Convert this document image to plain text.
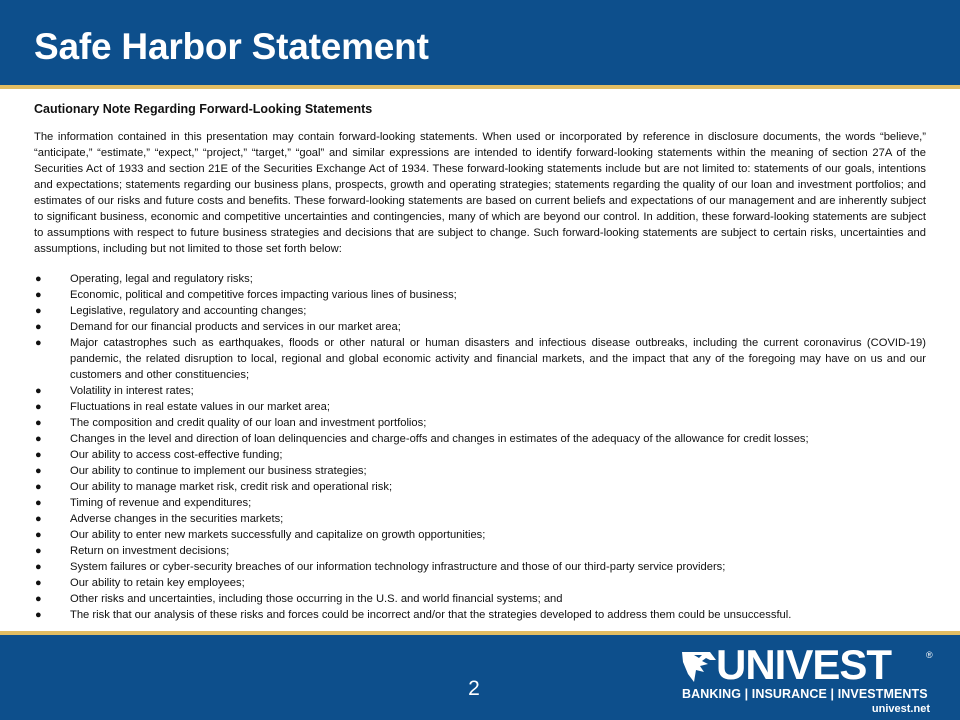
Safe Harbor Statement
Cautionary Note Regarding Forward-Looking Statements

The information contained in this presentation may contain forward-looking statements. When used or incorporated by reference in disclosure documents, the words “believe,” “anticipate,” “estimate,” “expect,” “project,” “target,” “goal” and similar expressions are intended to identify forward-looking statements within the meaning of section 27A of the Securities Act of 1933 and section 21E of the Securities Exchange Act of 1934. These forward-looking statements include but are not limited to: statements of our goals, intentions and expectations; statements regarding our business plans, prospects, growth and operating strategies; statements regarding the quality of our loan and investment portfolios; and estimates of our risks and future costs and benefits. These forward-looking statements are based on current beliefs and expectations of our management and are inherently subject to significant business, economic and competitive uncertainties and contingencies, many of which are beyond our control. In addition, these forward-looking statements are subject to assumptions with respect to future business strategies and decisions that are subject to change. Such forward-looking statements are subject to certain risks, uncertainties and assumptions, including but not limited to those set forth below:

●	Operating, legal and regulatory risks;
●	Economic, political and competitive forces impacting various lines of business;
●	Legislative, regulatory and accounting changes;
●	Demand for our financial products and services in our market area;
●	Major catastrophes such as earthquakes, floods or other natural or human disasters and infectious disease outbreaks, including the current coronavirus (COVID-19) pandemic, the related disruption to local, regional and global economic activity and financial markets, and the impact that any of the foregoing may have on us and our customers and other constituencies;
●	Volatility in interest rates;
●	Fluctuations in real estate values in our market area;
●	The composition and credit quality of our loan and investment portfolios;
●	Changes in the level and direction of loan delinquencies and charge-offs and changes in estimates of the adequacy of the allowance for credit losses;
●	Our ability to access cost-effective funding;
●	Our ability to continue to implement our business strategies;
●	Our ability to manage market risk, credit risk and operational risk;
●	Timing of revenue and expenditures;
●	Adverse changes in the securities markets;
●	Our ability to enter new markets successfully and capitalize on growth opportunities;
●	Return on investment decisions;
●	System failures or cyber-security breaches of our information technology infrastructure and those of our third-party service providers;
●	Our ability to retain key employees;
●	Other risks and uncertainties, including those occurring in the U.S. and world financial systems; and
●	The risk that our analysis of these risks and forces could be incorrect and/or that the strategies developed to address them could be unsuccessful.
2
UNIVEST	®
BANKING | INSURANCE | INVESTMENTS
univest.net
